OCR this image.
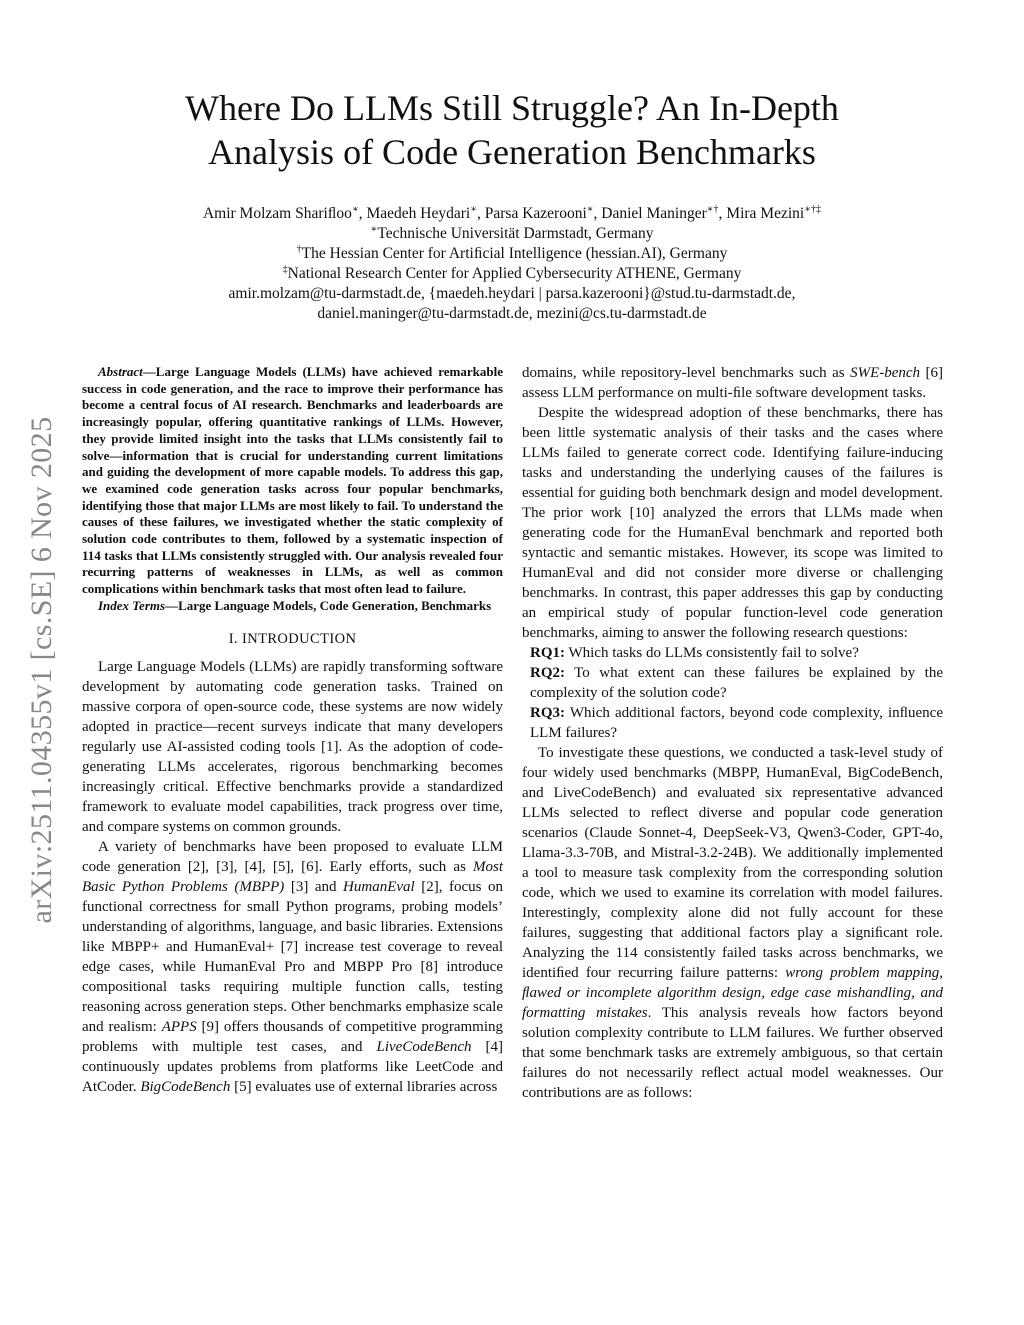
arXiv:2511.04355v1 [cs.SE] 6 Nov 2025
Where Do LLMs Still Struggle? An In-Depth
Analysis of Code Generation Benchmarks
Amir Molzam Shariﬂoo∗, Maedeh Heydari∗, Parsa Kazerooni∗, Daniel Maninger∗†, Mira Mezini∗†‡
∗Technische Universität Darmstadt, Germany
†The Hessian Center for Artiﬁcial Intelligence (hessian.AI), Germany
‡National Research Center for Applied Cybersecurity ATHENE, Germany
amir.molzam@tu-darmstadt.de, {maedeh.heydari | parsa.kazerooni}@stud.tu-darmstadt.de,
daniel.maninger@tu-darmstadt.de, mezini@cs.tu-darmstadt.de

Abstract—Large Language Models (LLMs) have achieved remarkable success in code generation, and the race to improve their performance has become a central focus of AI research. Benchmarks and leaderboards are increasingly popular, offering quantitative rankings of LLMs. However, they provide limited insight into the tasks that LLMs consistently fail to solve—information that is crucial for understanding current limitations and guiding the development of more capable models. To address this gap, we examined code generation tasks across four popular benchmarks, identifying those that major LLMs are most likely to fail. To understand the causes of these failures, we investigated whether the static complexity of solution code contributes to them, followed by a systematic inspection of 114 tasks that LLMs consistently struggled with. Our analysis revealed four recurring patterns of weaknesses in LLMs, as well as common complications within benchmark tasks that most often lead to failure.

Index Terms—Large Language Models, Code Generation, Benchmarks

I. INTRODUCTION

Large Language Models (LLMs) are rapidly transforming software development by automating code generation tasks. Trained on massive corpora of open-source code, these systems are now widely adopted in practice—recent surveys indicate that many developers regularly use AI-assisted coding tools [1]. As the adoption of code-generating LLMs accelerates, rigorous benchmarking becomes increasingly critical. Effective benchmarks provide a standardized framework to evaluate model capabilities, track progress over time, and compare systems on common grounds.

A variety of benchmarks have been proposed to evaluate LLM code generation [2], [3], [4], [5], [6]. Early efforts, such as Most Basic Python Problems (MBPP) [3] and HumanEval [2], focus on functional correctness for small Python programs, probing models’ understanding of algorithms, language, and basic libraries. Extensions like MBPP+ and HumanEval+ [7] increase test coverage to reveal edge cases, while HumanEval Pro and MBPP Pro [8] introduce compositional tasks requiring multiple function calls, testing reasoning across generation steps. Other benchmarks emphasize scale and realism: APPS [9] offers thousands of competitive programming problems with multiple test cases, and LiveCodeBench [4] continuously updates problems from platforms like LeetCode and AtCoder. BigCodeBench [5] evaluates use of external libraries across

domains, while repository-level benchmarks such as SWE-bench [6] assess LLM performance on multi-ﬁle software development tasks.

Despite the widespread adoption of these benchmarks, there has been little systematic analysis of their tasks and the cases where LLMs failed to generate correct code. Identifying failure-inducing tasks and understanding the underlying causes of the failures is essential for guiding both benchmark design and model development. The prior work [10] analyzed the errors that LLMs made when generating code for the HumanEval benchmark and reported both syntactic and semantic mistakes. However, its scope was limited to HumanEval and did not consider more diverse or challenging benchmarks. In contrast, this paper addresses this gap by conducting an empirical study of popular function-level code generation benchmarks, aiming to answer the following research questions:

RQ1: Which tasks do LLMs consistently fail to solve?

RQ2: To what extent can these failures be explained by the complexity of the solution code?

RQ3: Which additional factors, beyond code complexity, inﬂuence LLM failures?

To investigate these questions, we conducted a task-level study of four widely used benchmarks (MBPP, HumanEval, BigCodeBench, and LiveCodeBench) and evaluated six representative advanced LLMs selected to reﬂect diverse and popular code generation scenarios (Claude Sonnet-4, DeepSeek-V3, Qwen3-Coder, GPT-4o, Llama-3.3-70B, and Mistral-3.2-24B). We additionally implemented a tool to measure task complexity from the corresponding solution code, which we used to examine its correlation with model failures. Interestingly, complexity alone did not fully account for these failures, suggesting that additional factors play a signiﬁcant role. Analyzing the 114 consistently failed tasks across benchmarks, we identiﬁed four recurring failure patterns: wrong problem mapping, ﬂawed or incomplete algorithm design, edge case mishandling, and formatting mistakes. This analysis reveals how factors beyond solution complexity contribute to LLM failures. We further observed that some benchmark tasks are extremely ambiguous, so that certain failures do not necessarily reﬂect actual model weaknesses. Our contributions are as follows:
